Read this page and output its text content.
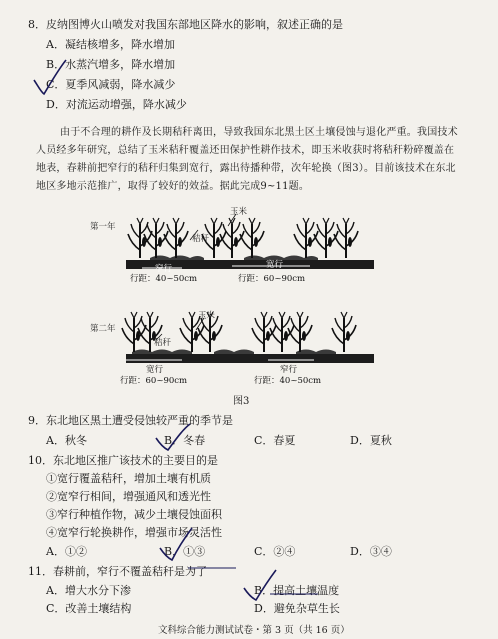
8．皮纳图博火山喷发对我国东部地区降水的影响，叙述正确的是
A．凝结核增多，降水增加
B．水蒸汽增多，降水增加
C．夏季风减弱，降水减少
D．对流运动增强，降水减少
由于不合理的耕作及长期秸秆离田，导致我国东北黑土区土壤侵蚀与退化严重。我国技术人员经多年研究，总结了玉米秸秆覆盖还田保护性耕作技术，即玉米收获时将秸秆粉碎覆盖在地表，春耕前把窄行的秸秆归集到宽行，露出待播种带，次年轮换（图3）。目前该技术在东北地区多地示范推广，取得了较好的效益。据此完成9~11题。
第一年
玉米
秸秆
窄行
行距：40~50cm
宽行
行距：60~90cm
第二年
玉米
秸秆
宽行
行距：60~90cm
窄行
行距：40~50cm
图3
9．东北地区黑土遭受侵蚀较严重的季节是
A．秋冬	B．冬春	C．春夏	D．夏秋
10．东北地区推广该技术的主要目的是
①宽行覆盖秸秆，增加土壤有机质
②宽窄行相间，增强通风和透光性
③窄行种植作物，减少土壤侵蚀面积
④宽窄行轮换耕作，增强市场灵活性
A．①②	B．①③	C．②④	D．③④
11．春耕前，窄行不覆盖秸秆是为了
A．增大水分下渗	B．提高土壤温度
C．改善土壤结构	D．避免杂草生长
文科综合能力测试试卷・第 3 页（共 16 页）
